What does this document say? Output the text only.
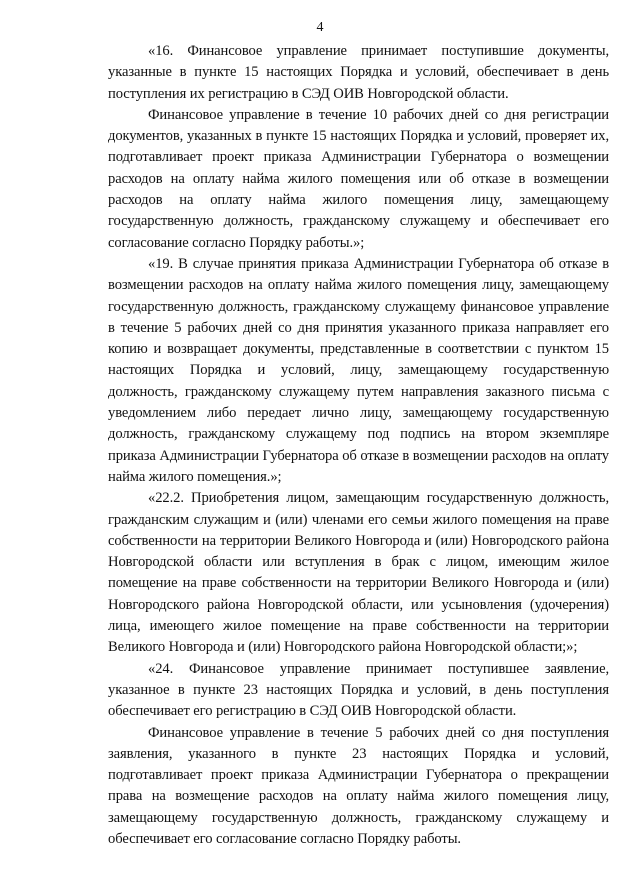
4

«16. Финансовое управление принимает поступившие документы, указанные в пункте 15 настоящих Порядка и условий, обеспечивает в день поступления их регистрацию в СЭД ОИВ Новгородской области.

Финансовое управление в течение 10 рабочих дней со дня регистрации документов, указанных в пункте 15 настоящих Порядка и условий, проверяет их, подготавливает проект приказа Администрации Губернатора о возмещении расходов на оплату найма жилого помещения или об отказе в возмещении расходов на оплату найма жилого помещения лицу, замещающему государственную должность, гражданскому служащему и обеспечивает его согласование согласно Порядку работы.»;

«19. В случае принятия приказа Администрации Губернатора об отказе в возмещении расходов на оплату найма жилого помещения лицу, замещающему государственную должность, гражданскому служащему финансовое управление в течение 5 рабочих дней со дня принятия указанного приказа направляет его копию и возвращает документы, представленные в соответствии с пунктом 15 настоящих Порядка и условий, лицу, замещающему государственную должность, гражданскому служащему путем направления заказного письма с уведомлением либо передает лично лицу, замещающему государственную должность, гражданскому служащему под подпись на втором экземпляре приказа Администрации Губернатора об отказе в возмещении расходов на оплату найма жилого помещения.»;

«22.2. Приобретения лицом, замещающим государственную должность, гражданским служащим и (или) членами его семьи жилого помещения на праве собственности на территории Великого Новгорода и (или) Новгородского района Новгородской области или вступления в брак с лицом, имеющим жилое помещение на праве собственности на территории Великого Новгорода и (или) Новгородского района Новгородской области, или усыновления (удочерения) лица, имеющего жилое помещение на праве собственности на территории Великого Новгорода и (или) Новгородского района Новгородской области;»;

«24. Финансовое управление принимает поступившее заявление, указанное в пункте 23 настоящих Порядка и условий, в день поступления обеспечивает его регистрацию в СЭД ОИВ Новгородской области.

Финансовое управление в течение 5 рабочих дней со дня поступления заявления, указанного в пункте 23 настоящих Порядка и условий, подготавливает проект приказа Администрации Губернатора о прекращении права на возмещение расходов на оплату найма жилого помещения лицу, замещающему государственную должность, гражданскому служащему и обеспечивает его согласование согласно Порядку работы.
